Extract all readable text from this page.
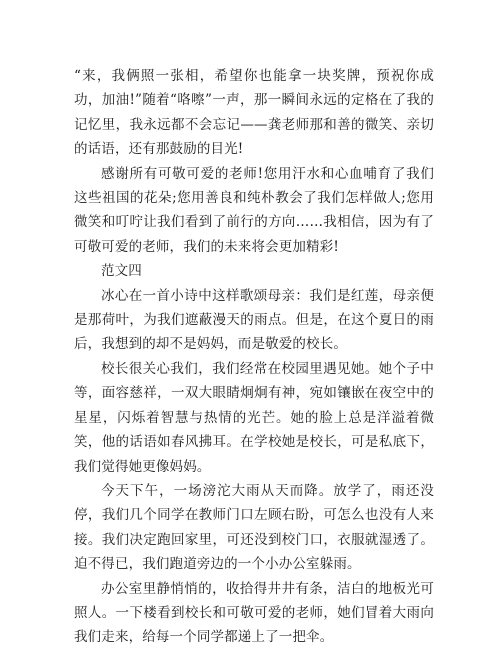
“来，我俩照一张相，希望你也能拿一块奖牌，预祝你成功，加油!”随着“咯嚓”一声，那一瞬间永远的定格在了我的记忆里，我永远都不会忘记——龚老师那和善的微笑、亲切的话语，还有那鼓励的目光!

感谢所有可敬可爱的老师!您用汗水和心血哺育了我们这些祖国的花朵;您用善良和纯朴教会了我们怎样做人;您用微笑和叮咛让我们看到了前行的方向……我相信，因为有了可敬可爱的老师，我们的未来将会更加精彩!

范文四

冰心在一首小诗中这样歌颂母亲：我们是红莲，母亲便是那荷叶，为我们遮蔽漫天的雨点。但是，在这个夏日的雨后，我想到的却不是妈妈，而是敬爱的校长。

校长很关心我们，我们经常在校园里遇见她。她个子中等，面容慈祥，一双大眼睛炯炯有神，宛如镶嵌在夜空中的星星，闪烁着智慧与热情的光芒。她的脸上总是洋溢着微笑，他的话语如春风拂耳。在学校她是校长，可是私底下，我们觉得她更像妈妈。

今天下午，一场滂沱大雨从天而降。放学了，雨还没停，我们几个同学在教师门口左顾右盼，可怎么也没有人来接。我们决定跑回家里，可还没到校门口，衣服就湿透了。迫不得已，我们跑道旁边的一个小办公室躲雨。

办公室里静悄悄的，收拾得井井有条，洁白的地板光可照人。一下楼看到校长和可敬可爱的老师，她们冒着大雨向我们走来，给每一个同学都递上了一把伞。
